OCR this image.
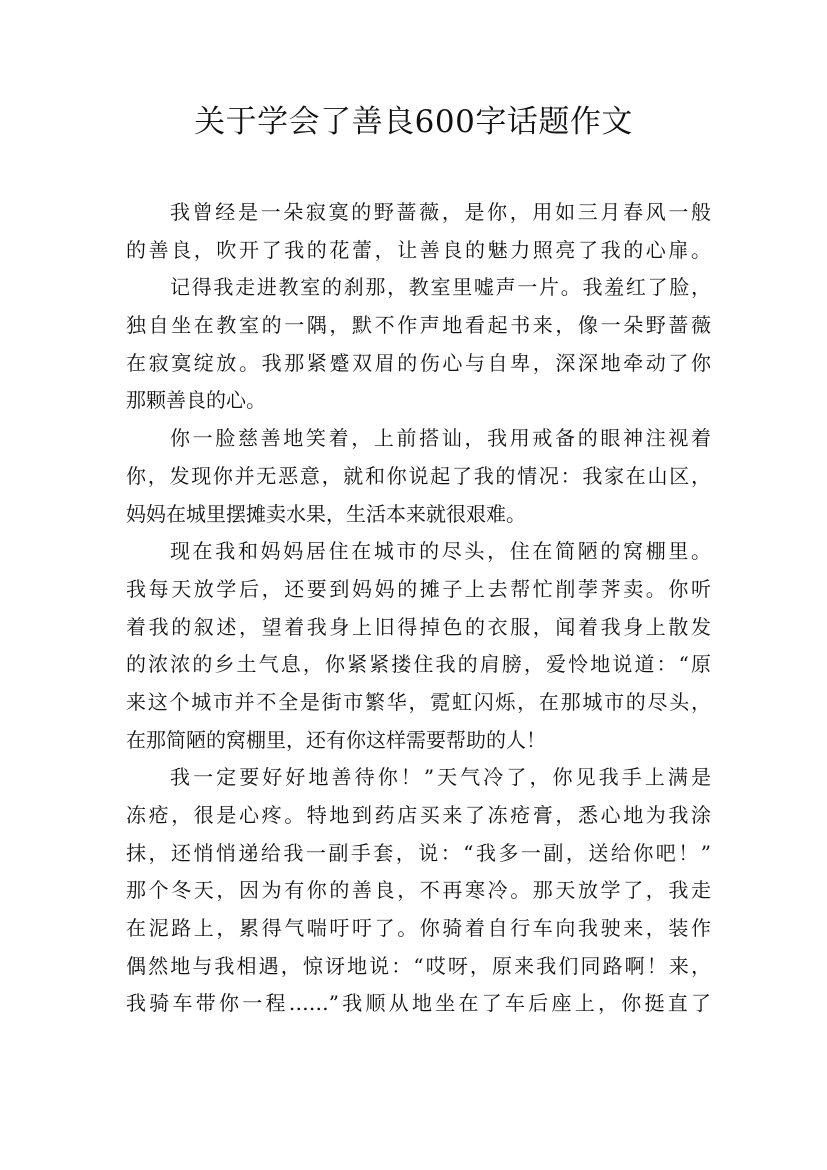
关于学会了善良600字话题作文
我曾经是一朵寂寞的野蔷薇，是你，用如三月春风一般
的善良，吹开了我的花蕾，让善良的魅力照亮了我的心扉。
记得我走进教室的刹那，教室里嘘声一片。我羞红了脸，
独自坐在教室的一隅，默不作声地看起书来，像一朵野蔷薇
在寂寞绽放。我那紧蹙双眉的伤心与自卑，深深地牵动了你
那颗善良的心。
你一脸慈善地笑着，上前搭讪，我用戒备的眼神注视着
你，发现你并无恶意，就和你说起了我的情况：我家在山区，
妈妈在城里摆摊卖水果，生活本来就很艰难。
现在我和妈妈居住在城市的尽头，住在简陋的窝棚里。
我每天放学后，还要到妈妈的摊子上去帮忙削荸荠卖。你听
着我的叙述，望着我身上旧得掉色的衣服，闻着我身上散发
的浓浓的乡土气息，你紧紧搂住我的肩膀，爱怜地说道：“原
来这个城市并不全是街市繁华，霓虹闪烁，在那城市的尽头，
在那简陋的窝棚里，还有你这样需要帮助的人！
我一定要好好地善待你！”天气冷了，你见我手上满是
冻疮，很是心疼。特地到药店买来了冻疮膏，悉心地为我涂
抹，还悄悄递给我一副手套，说：“我多一副，送给你吧！”
那个冬天，因为有你的善良，不再寒冷。那天放学了，我走
在泥路上，累得气喘吁吁了。你骑着自行车向我驶来，装作
偶然地与我相遇，惊讶地说：“哎呀，原来我们同路啊！来，
我骑车带你一程……”我顺从地坐在了车后座上，你挺直了
